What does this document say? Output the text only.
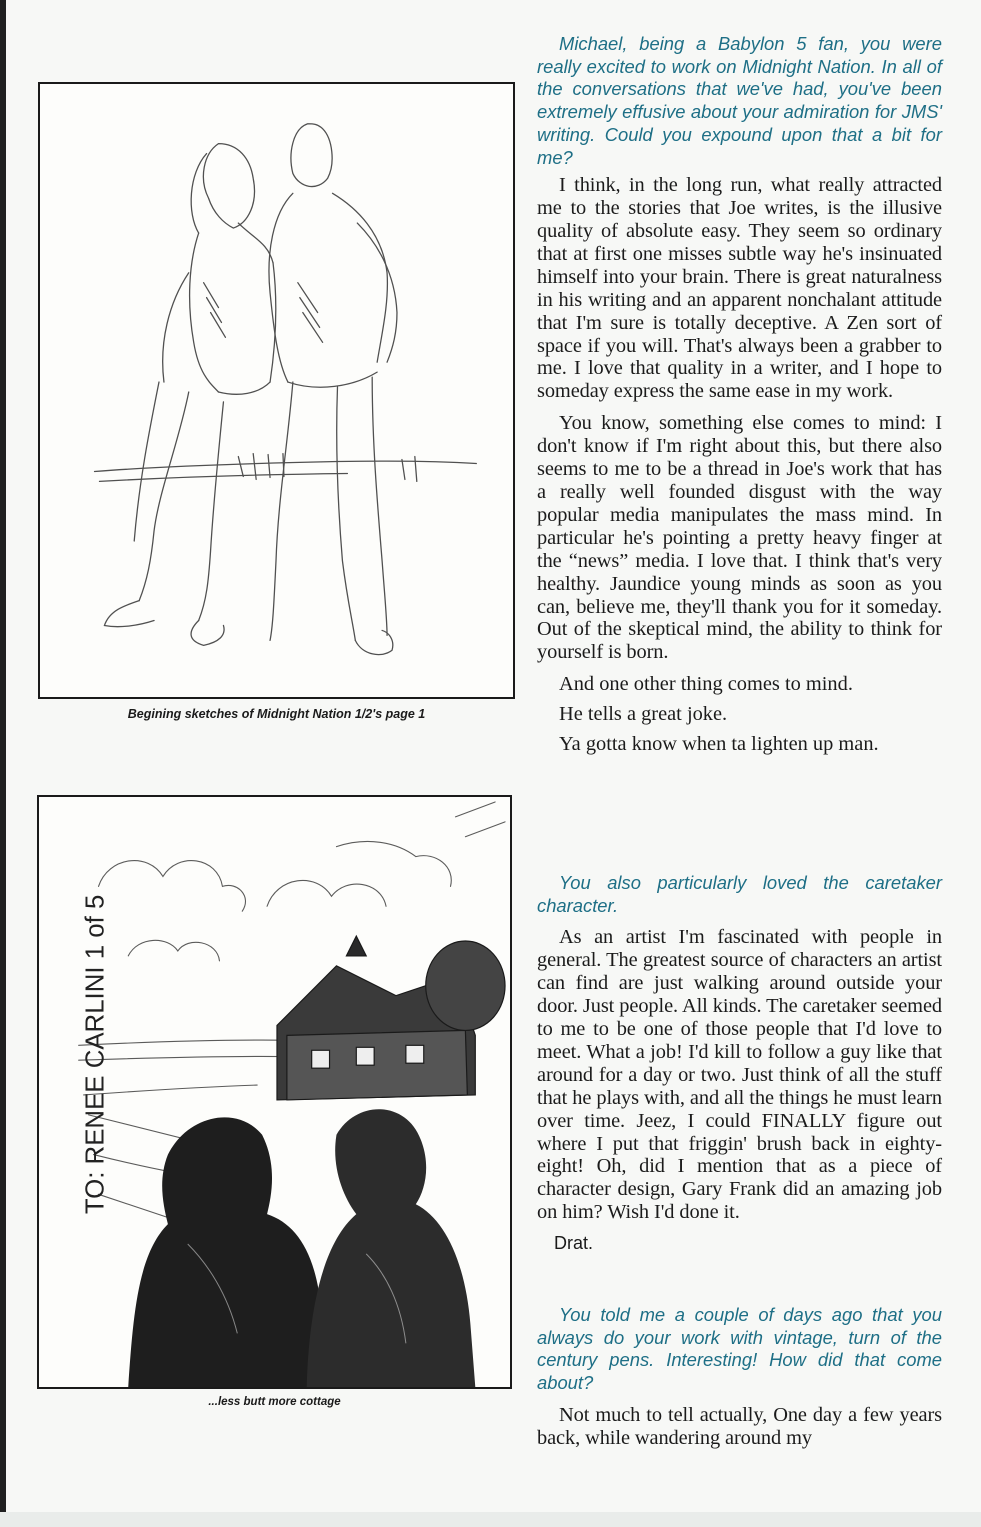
Begining sketches of Midnight Nation 1/2's page 1
TO: RENEE CARLINI 1 of 5
...less butt more cottage

Michael, being a Babylon 5 fan, you were really excited to work on Midnight Nation. In all of the conversations that we've had, you've been extremely effusive about your admiration for JMS' writing. Could you expound upon that a bit for me?

I think, in the long run, what really attracted me to the stories that Joe writes, is the illusive quality of absolute easy. They seem so ordinary that at first one misses subtle way he's insinuated himself into your brain. There is great naturalness in his writing and an apparent nonchalant attitude that I'm sure is totally deceptive. A Zen sort of space if you will. That's always been a grabber to me. I love that quality in a writer, and I hope to someday express the same ease in my work.

You know, something else comes to mind: I don't know if I'm right about this, but there also seems to me to be a thread in Joe's work that has a really well founded disgust with the way popular media manipulates the mass mind. In particular he's pointing a pretty heavy finger at the “news” media. I love that. I think that's very healthy. Jaundice young minds as soon as you can, believe me, they'll thank you for it someday. Out of the skeptical mind, the ability to think for yourself is born.

And one other thing comes to mind.

He tells a great joke.

Ya gotta know when ta lighten up man.

You also particularly loved the caretaker character.

As an artist I'm fascinated with people in general. The greatest source of characters an artist can find are just walking around outside your door. Just people. All kinds. The caretaker seemed to me to be one of those people that I'd love to meet. What a job! I'd kill to follow a guy like that around for a day or two. Just think of all the stuff that he plays with, and all the things he must learn over time. Jeez, I could FINALLY figure out where I put that friggin' brush back in eighty-eight! Oh, did I mention that as a piece of character design, Gary Frank did an amazing job on him? Wish I'd done it.

Drat.

You told me a couple of days ago that you always do your work with vintage, turn of the century pens. Interesting! How did that come about?

Not much to tell actually, One day a few years back, while wandering around my
